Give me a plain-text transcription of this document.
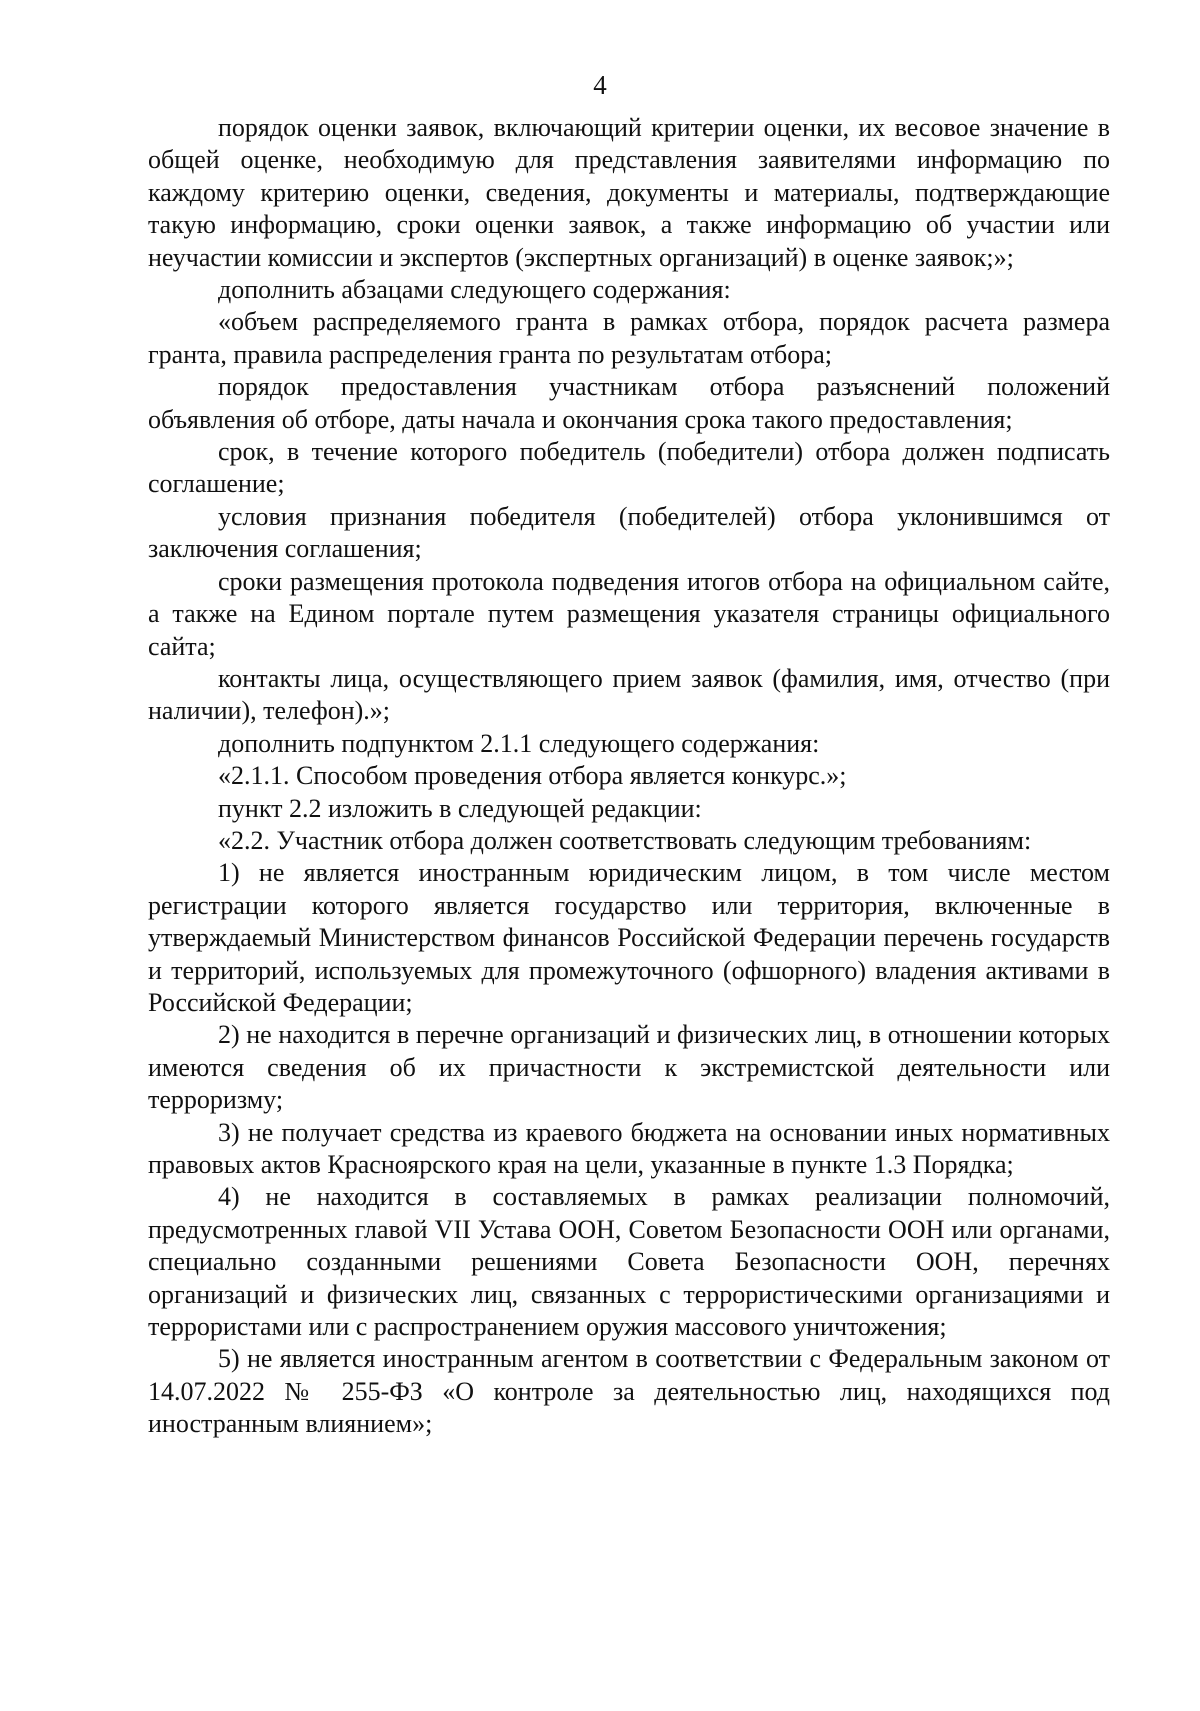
4

порядок оценки заявок, включающий критерии оценки, их весовое значение в общей оценке, необходимую для представления заявителями информацию по каждому критерию оценки, сведения, документы и материалы, подтверждающие такую информацию, сроки оценки заявок, а также информацию об участии или неучастии комиссии и экспертов (экспертных организаций) в оценке заявок;»;

дополнить абзацами следующего содержания:

«объем распределяемого гранта в рамках отбора, порядок расчета размера гранта, правила распределения гранта по результатам отбора;

порядок предоставления участникам отбора разъяснений положений объявления об отборе, даты начала и окончания срока такого предоставления;

срок, в течение которого победитель (победители) отбора должен подписать соглашение;

условия признания победителя (победителей) отбора уклонившимся от заключения соглашения;

сроки размещения протокола подведения итогов отбора на официальном сайте, а также на Едином портале путем размещения указателя страницы официального сайта;

контакты лица, осуществляющего прием заявок (фамилия, имя, отчество (при наличии), телефон).»;

дополнить подпунктом 2.1.1 следующего содержания:

«2.1.1. Способом проведения отбора является конкурс.»;

пункт 2.2 изложить в следующей редакции:

«2.2. Участник отбора должен соответствовать следующим требованиям:

1) не является иностранным юридическим лицом, в том числе местом регистрации которого является государство или территория, включенные в утверждаемый Министерством финансов Российской Федерации перечень государств и территорий, используемых для промежуточного (офшорного) владения активами в Российской Федерации;

2) не находится в перечне организаций и физических лиц, в отношении которых имеются сведения об их причастности к экстремистской деятельности или терроризму;

3) не получает средства из краевого бюджета на основании иных нормативных правовых актов Красноярского края на цели, указанные в пункте 1.3 Порядка;

4) не находится в составляемых в рамках реализации полномочий, предусмотренных главой VII Устава ООН, Советом Безопасности ООН или органами, специально созданными решениями Совета Безопасности ООН, перечнях организаций и физических лиц, связанных с террористическими организациями и террористами или с распространением оружия массового уничтожения;

5) не является иностранным агентом в соответствии с Федеральным законом от 14.07.2022 № 255-ФЗ «О контроле за деятельностью лиц, находящихся под иностранным влиянием»;
